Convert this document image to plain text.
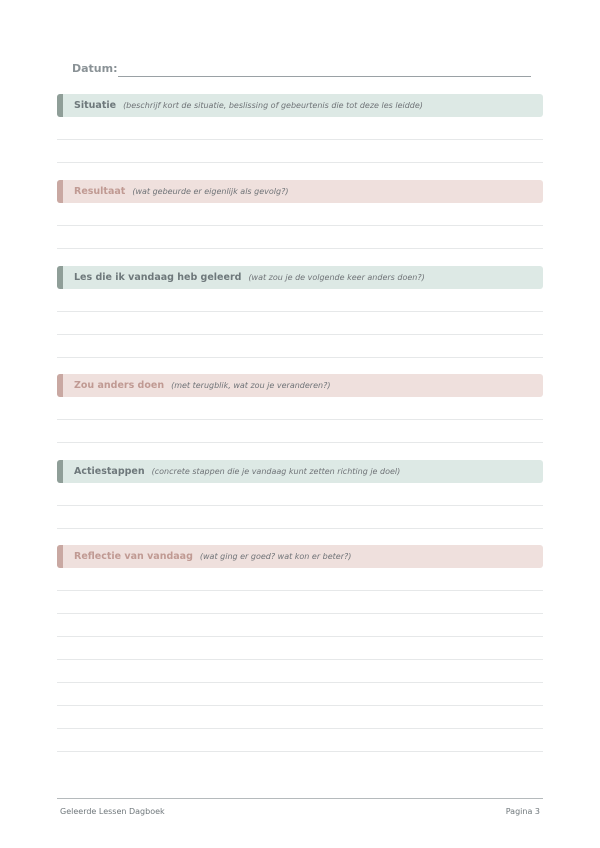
Datum:
Situatie (beschrijf kort de situatie, beslissing of gebeurtenis die tot deze les leidde)
Resultaat (wat gebeurde er eigenlijk als gevolg?)
Les die ik vandaag heb geleerd (wat zou je de volgende keer anders doen?)
Zou anders doen (met terugblik, wat zou je veranderen?)
Actiestappen (concrete stappen die je vandaag kunt zetten richting je doel)
Reflectie van vandaag (wat ging er goed? wat kon er beter?)
Geleerde Lessen Dagboek	Pagina 3
